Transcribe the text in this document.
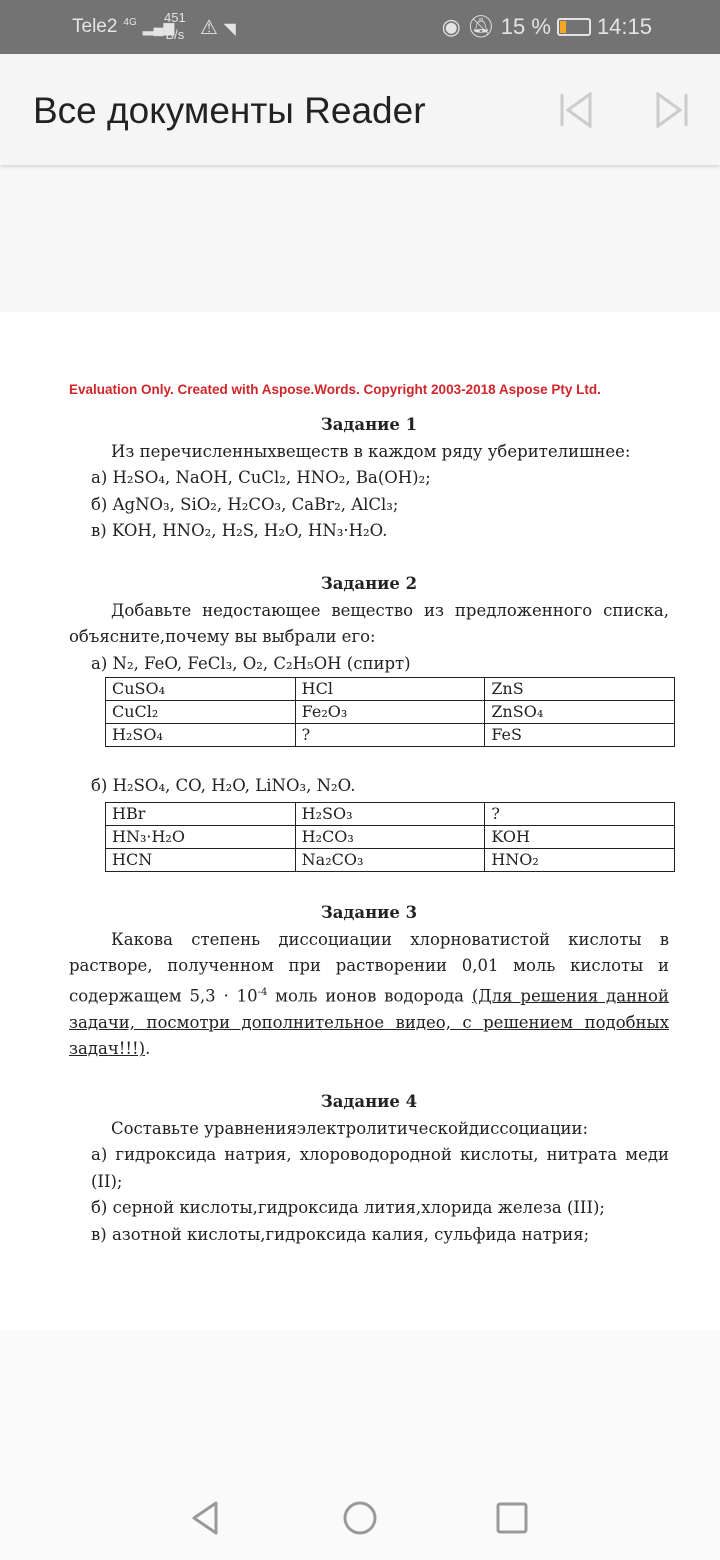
Tele2 4G ▂▄▆
451
B/s ⚠ ◥	◉ 🔕︎ 15 % 14:15
Все документы Reader
Evaluation Only. Created with Aspose.Words. Copyright 2003-2018 Aspose Pty Ltd.
Задание 1
Из перечисленныхвеществ в каждом ряду уберителишнее:
а) H₂SO₄, NaOH, CuCl₂, HNO₂, Ba(OH)₂;
б) AgNO₃, SiO₂, H₂CO₃, CaBr₂, AlCl₃;
в) KOH, HNO₂, H₂S, H₂O, HN₃·H₂O.
Задание 2
Добавьте недостающее вещество из предложенного списка, объясните,почему вы выбрали его:
а) N₂, FeO, FeCl₃, O₂, C₂H₅OH (спирт)
CuSO₄	HCl	ZnS
CuCl₂	Fe₂O₃	ZnSO₄
H₂SO₄	?	FeS
б) H₂SO₄, CO, H₂O, LiNO₃, N₂O.
HBr	H₂SO₃	?
HN₃·H₂O	H₂CO₃	KOH
HCN	Na₂CO₃	HNO₂
Задание 3
Какова степень диссоциации хлорноватистой кислоты в растворе, полученном при растворении 0,01 моль кислоты и содержащем $5,3 \cdot 10^{-4}$ моль ионов водорода (Для решения данной задачи, посмотри дополнительное видео, с решением подобных задач!!!).
Задание 4
Составьте уравненияэлектролитическойдиссоциации:
а) гидроксида натрия, хлороводородной кислоты, нитрата меди (II);
б) серной кислоты,гидроксида лития,хлорида железа (III);
в) азотной кислоты,гидроксида калия, сульфида натрия;
